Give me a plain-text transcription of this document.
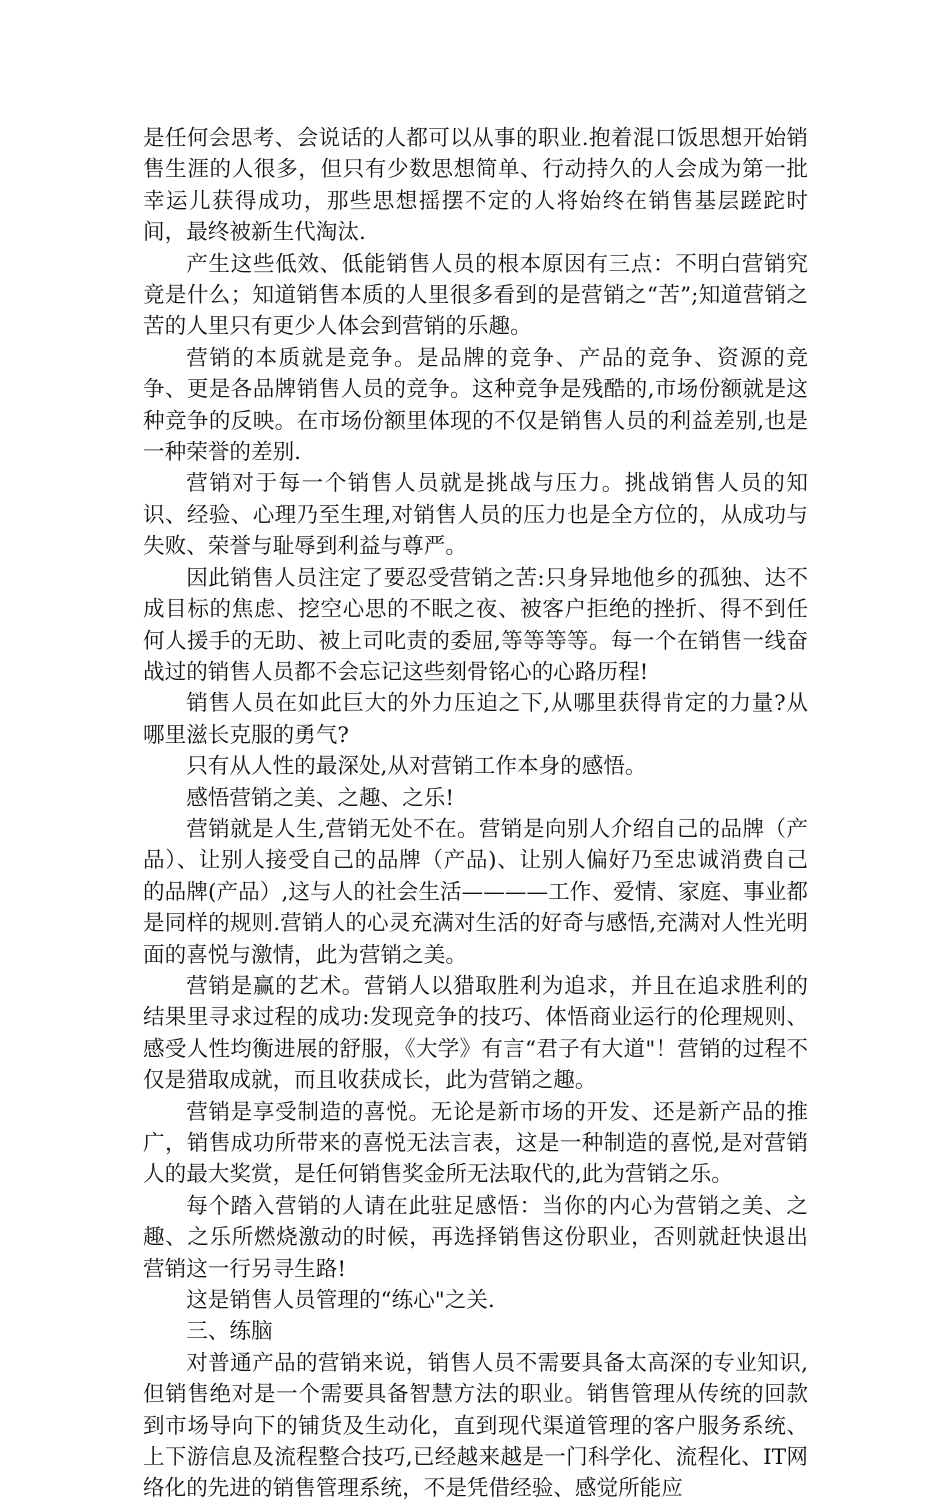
是任何会思考、会说话的人都可以从事的职业.抱着混口饭思想开始销售生涯的人很多，但只有少数思想简单、行动持久的人会成为第一批幸运儿获得成功，那些思想摇摆不定的人将始终在销售基层蹉跎时间，最终被新生代淘汰.

产生这些低效、低能销售人员的根本原因有三点：不明白营销究竟是什么；知道销售本质的人里很多看到的是营销之“苦”;知道营销之苦的人里只有更少人体会到营销的乐趣。

营销的本质就是竞争。是品牌的竞争、产品的竞争、资源的竞争、更是各品牌销售人员的竞争。这种竞争是残酷的,市场份额就是这种竞争的反映。在市场份额里体现的不仅是销售人员的利益差别,也是一种荣誉的差别.

营销对于每一个销售人员就是挑战与压力。挑战销售人员的知识、经验、心理乃至生理,对销售人员的压力也是全方位的，从成功与失败、荣誉与耻辱到利益与尊严。

因此销售人员注定了要忍受营销之苦:只身异地他乡的孤独、达不成目标的焦虑、挖空心思的不眠之夜、被客户拒绝的挫折、得不到任何人援手的无助、被上司叱责的委屈,等等等等。每一个在销售一线奋战过的销售人员都不会忘记这些刻骨铭心的心路历程!

销售人员在如此巨大的外力压迫之下,从哪里获得肯定的力量?从哪里滋长克服的勇气?

只有从人性的最深处,从对营销工作本身的感悟。

感悟营销之美、之趣、之乐!

营销就是人生,营销无处不在。营销是向别人介绍自己的品牌（产品）、让别人接受自己的品牌（产品)、让别人偏好乃至忠诚消费自己的品牌(产品）,这与人的社会生活————工作、爱情、家庭、事业都是同样的规则.营销人的心灵充满对生活的好奇与感悟,充满对人性光明面的喜悦与激情，此为营销之美。

营销是赢的艺术。营销人以猎取胜利为追求，并且在追求胜利的结果里寻求过程的成功:发现竞争的技巧、体悟商业运行的伦理规则、感受人性均衡进展的舒服，《大学》有言“君子有大道"！营销的过程不仅是猎取成就，而且收获成长，此为营销之趣。

营销是享受制造的喜悦。无论是新市场的开发、还是新产品的推广，销售成功所带来的喜悦无法言表，这是一种制造的喜悦,是对营销人的最大奖赏，是任何销售奖金所无法取代的,此为营销之乐。

每个踏入营销的人请在此驻足感悟：当你的内心为营销之美、之趣、之乐所燃烧激动的时候，再选择销售这份职业，否则就赶快退出营销这一行另寻生路!

这是销售人员管理的“练心"之关.

三、练脑

对普通产品的营销来说，销售人员不需要具备太高深的专业知识,但销售绝对是一个需要具备智慧方法的职业。销售管理从传统的回款到市场导向下的铺货及生动化，直到现代渠道管理的客户服务系统、上下游信息及流程整合技巧,已经越来越是一门科学化、流程化、IT网络化的先进的销售管理系统，不是凭借经验、感觉所能应
